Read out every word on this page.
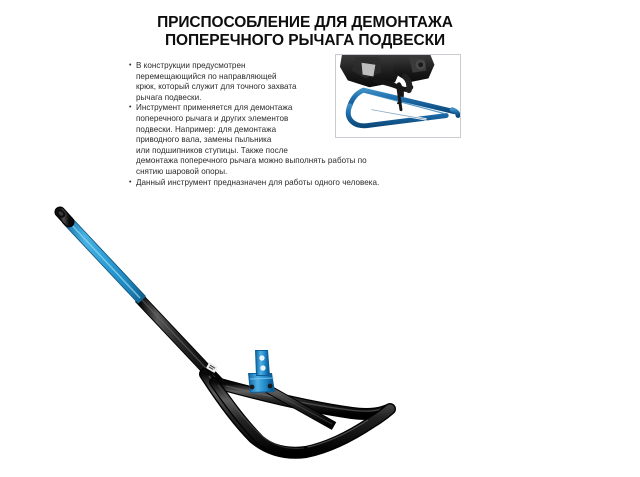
ПРИСПОСОБЛЕНИЕ ДЛЯ ДЕМОНТАЖА
ПОПЕРЕЧНОГО РЫЧАГА ПОДВЕСКИ
• В конструкции предусмотрен
перемещающийся по направляющей
крюк, который служит для точного захвата
рычага подвески.
• Инструмент применяется для демонтажа
поперечного рычага и других элементов
подвески. Например: для демонтажа
приводного вала, замены пыльника
или подшипников ступицы. Также после
демонтажа поперечного рычага можно выполнять работы по
снятию шаровой опоры.
• Данный инструмент предназначен для работы одного человека.
